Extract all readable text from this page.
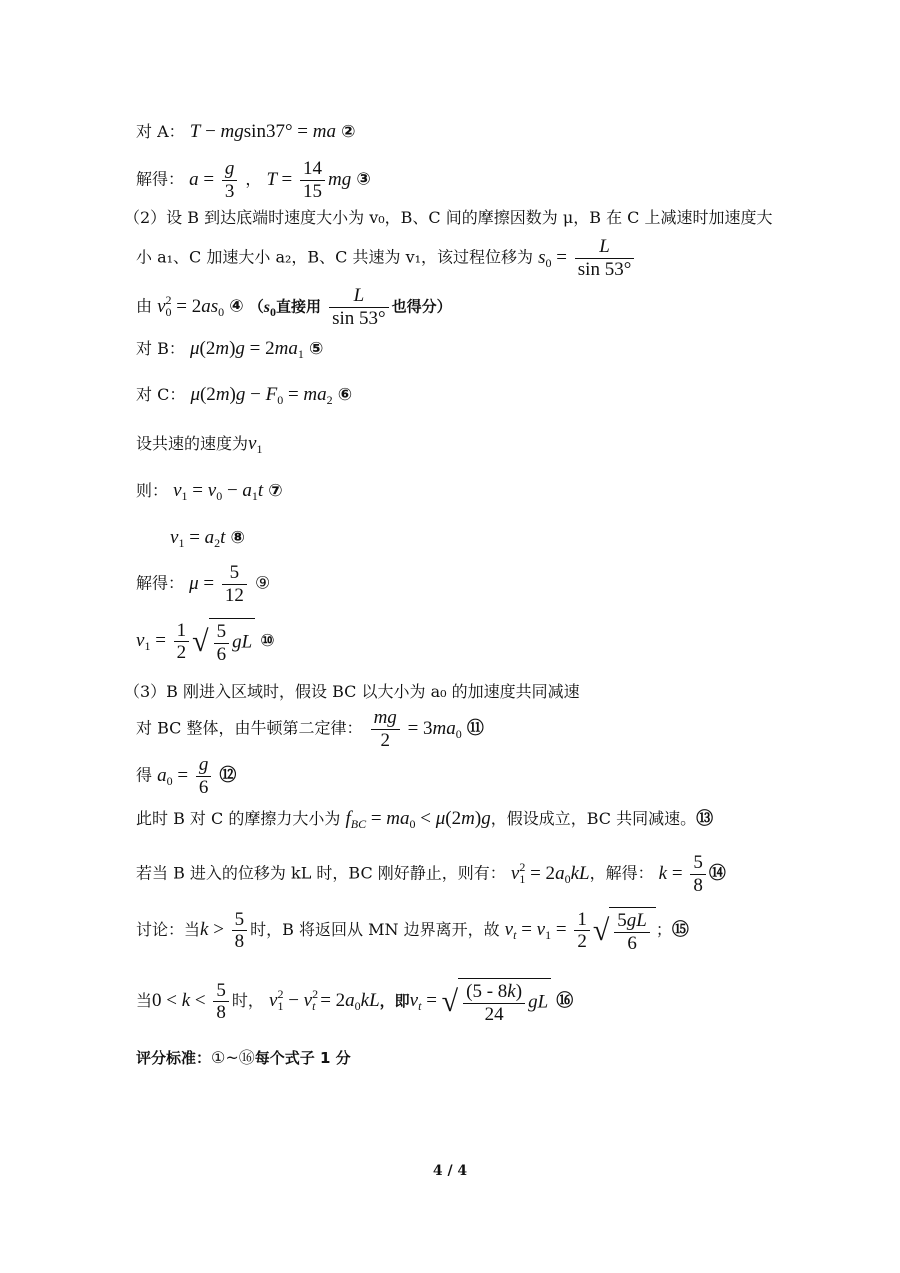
对 A： T − mgsin37° = ma ②
解得： $a = \frac{g}{3}$ ， $T = \frac{14}{15}$ mg ③
（2）设 B 到达底端时速度大小为 v₀，B、C 间的摩擦因数为 μ，B 在 C 上减速时加速度大
小 a₁、C 加速大小 a₂，B、C 共速为 v₁，该过程位移为 $s_0 = \frac{L}{\sin 53^\circ}$
由 $v^2_0 = 2as_0$ ④ （$s_0$直接用 $\frac{L}{\sin 53^\circ}$ 也得分）
对 B： $\mu(2m)g = 2ma_1$ ⑤
对 C： $\mu(2m)g - F_0 = ma_2$ ⑥
设共速的速度为$v_1$
则： $v_1 = v_0 - a_1t$ ⑦
$v_1 = a_2t$ ⑧
解得： $\mu = \frac{5}{12}$ ⑨
$v_1 = \frac{1}{2}$ √ $\frac{5}{6}$ gL ⑩
（3）B 刚进入区域时，假设 BC 以大小为 a₀ 的加速度共同减速
对 BC 整体，由牛顿第二定律： $\frac{mg}{2} = 3ma_0$ ⑪
得 $a_0 = \frac{g}{6}$ ⑫
此时 B 对 C 的摩擦力大小为 $f_{BC} = ma_0 < \mu(2m)g$，假设成立，BC 共同减速。⑬
若当 B 进入的位移为 kL 时，BC 刚好静止，则有： $v^2_1 = 2a_0kL$，解得： $k = \frac{5}{8}$ ⑭
讨论：当$k > \frac{5}{8}$ 时，B 将返回从 MN 边界离开，故 $v_t = v_1 = \frac{1}{2}$ √ $\frac{5gL}{6}$ ；⑮
当$0 < k < \frac{5}{8}$ 时， $v^2_1 - v^2_t = 2a_0kL$，即$v_t$ = √ $\frac{(5 - 8k)}{24}$ gL ⑯
评分标准：①~⑯每个式子 1 分
4 / 4
